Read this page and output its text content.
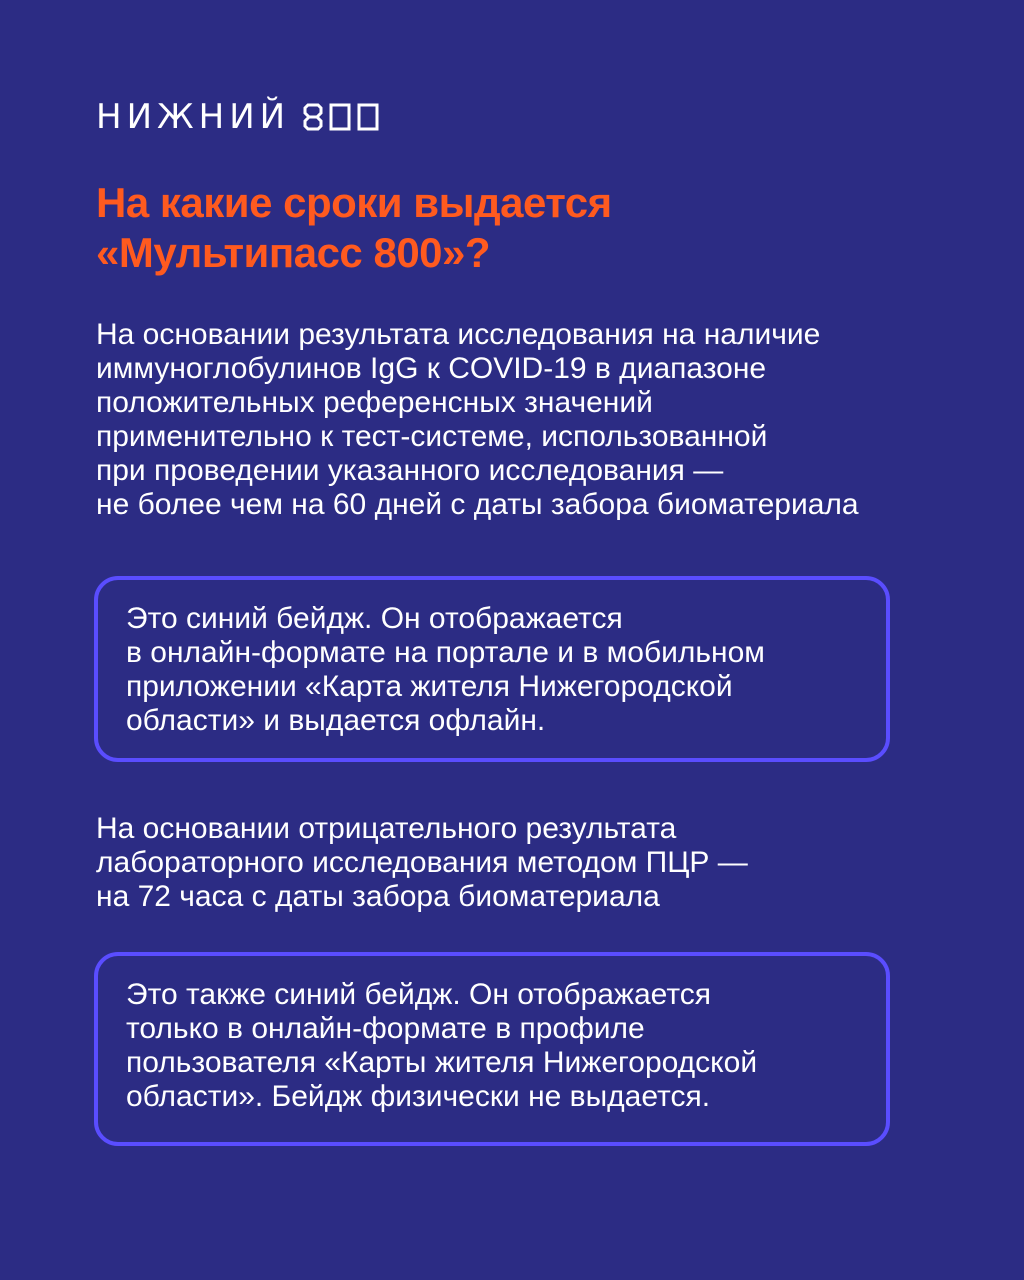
НИЖНИЙ
На какие сроки выдается
«Мультипасс 800»?

На основании результата исследования на наличие
иммуноглобулинов IgG к COVID-19 в диапазоне
положительных референсных значений
применительно к тест-системе, использованной
при проведении указанного исследования —
не более чем на 60 дней с даты забора биоматериала

Это синий бейдж. Он отображается
в онлайн-формате на портале и в мобильном
приложении «Карта жителя Нижегородской
области» и выдается офлайн.

На основании отрицательного результата
лабораторного исследования методом ПЦР —
на 72 часа с даты забора биоматериала

Это также синий бейдж. Он отображается
только в онлайн-формате в профиле
пользователя «Карты жителя Нижегородской
области». Бейдж физически не выдается.
